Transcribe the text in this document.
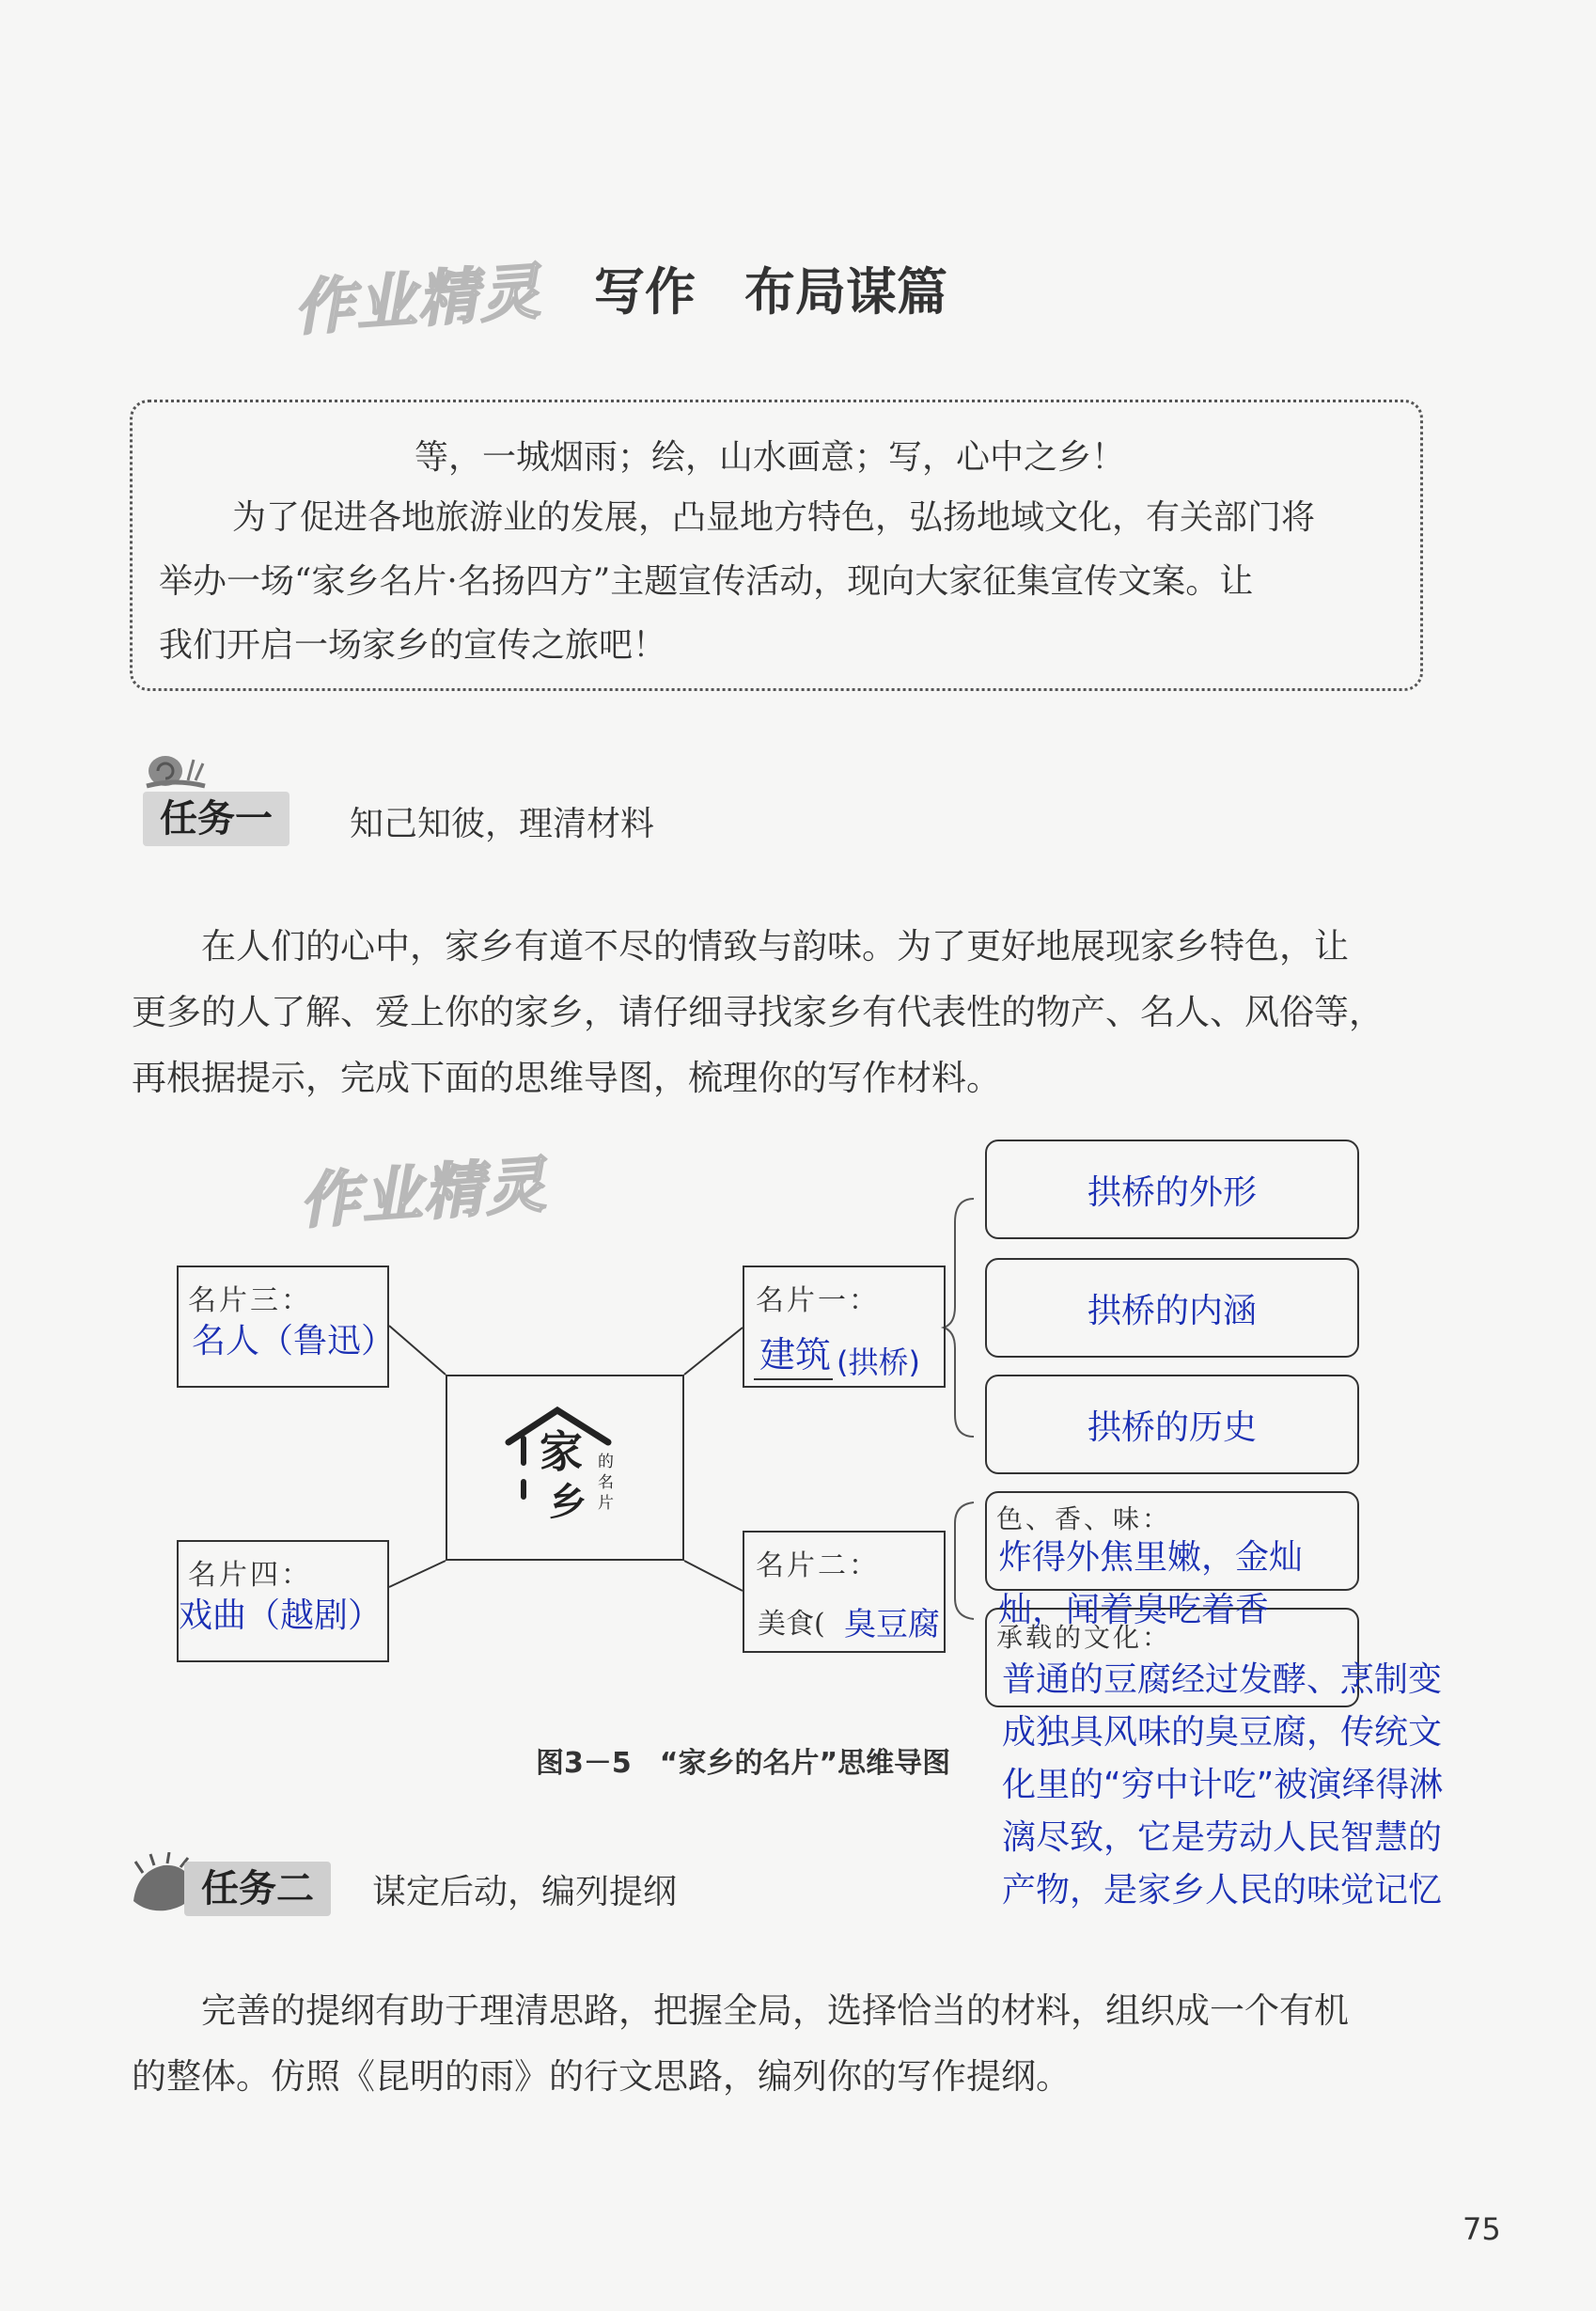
作业精灵
作业精灵
写作 布局谋篇
等，一城烟雨；绘，山水画意；写，心中之乡！
为了促进各地旅游业的发展，凸显地方特色，弘扬地域文化，有关部门将
举办一场“家乡名片·名扬四方”主题宣传活动，现向大家征集宣传文案。让
我们开启一场家乡的宣传之旅吧！
任务一	知己知彼，理清材料
在人们的心中，家乡有道不尽的情致与韵味。为了更好地展现家乡特色，让
更多的人了解、爱上你的家乡，请仔细寻找家乡有代表性的物产、名人、风俗等，
再根据提示，完成下面的思维导图，梳理你的写作材料。
家
乡
的
名
片
名片三：
名人（鲁迅）
名片四：
戏曲（越剧）
名片一：
建筑 (拱桥)
名片二：
美食( 臭豆腐
拱桥的外形
拱桥的内涵
拱桥的历史
色、香、味：
炸得外焦里嫩，金灿
灿，闻着臭吃着香
承载的文化：
普通的豆腐经过发酵、烹制变
成独具风味的臭豆腐，传统文
化里的“穷中计吃”被演绎得淋
漓尽致，它是劳动人民智慧的
产物，是家乡人民的味觉记忆
图3－5　“家乡的名片”思维导图
任务二	谋定后动，编列提纲
完善的提纲有助于理清思路，把握全局，选择恰当的材料，组织成一个有机
的整体。仿照《昆明的雨》的行文思路，编列你的写作提纲。
75
